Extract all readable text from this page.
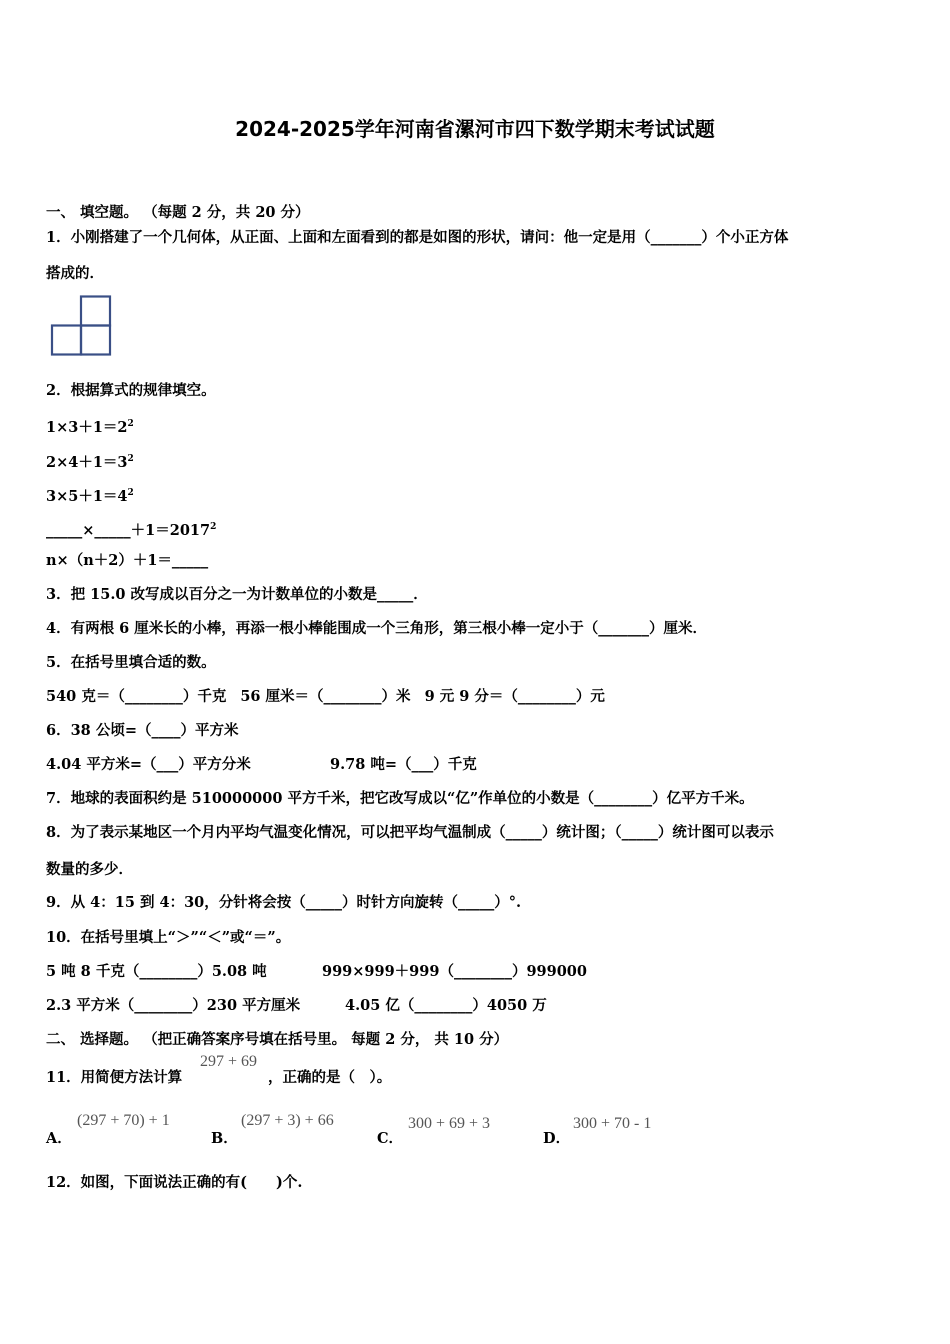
2024-2025学年河南省漯河市四下数学期末考试试题
一、 填空题。 （每题 2 分，共 20 分）
1．小刚搭建了一个几何体，从正面、上面和左面看到的都是如图的形状，请问：他一定是用（_______）个小正方体
搭成的．
2．根据算式的规律填空。
$1\times 3+1=2^2$
$2\times 4+1=3^2$
$3\times 5+1=4^2$
$\_\_\_\_\_\times\_\_\_\_\_+1=2017^2$
n×（n＋2）＋1＝_____
3．把 15.0 改写成以百分之一为计数单位的小数是_____．
4．有两根 6 厘米长的小棒，再添一根小棒能围成一个三角形，第三根小棒一定小于（_______）厘米．
5．在括号里填合适的数。
540 克＝（________）千克 56 厘米＝（________）米 9 元 9 分＝（________）元
6．38 公顷=（____）平方米
4.04 平方米=（___）平方分米	9.78 吨=（___）千克
7．地球的表面积约是 510000000 平方千米，把它改写成以“亿”作单位的小数是（________）亿平方千米。
8．为了表示某地区一个月内平均气温变化情况，可以把平均气温制成（_____）统计图；（_____）统计图可以表示
数量的多少．
9．从 4：15 到 4：30，分针将会按（_____）时针方向旋转（_____）°.
10．在括号里填上“＞”“＜”或“＝”。
5 吨 8 千克（________）5.08 吨	999×999＋999（________）999000
2.3 平方米（________）230 平方厘米	4.05 亿（________）4050 万
二、 选择题。 （把正确答案序号填在括号里。 每题 2 分， 共 10 分）
11．用简便方法计算
297 + 69
，正确的是（　）。
A．
(297 + 70) + 1
B．
(297 + 3) + 66
C．
300 + 69 + 3
D．
300 + 70 - 1
12．如图，下面说法正确的有(　　)个.
